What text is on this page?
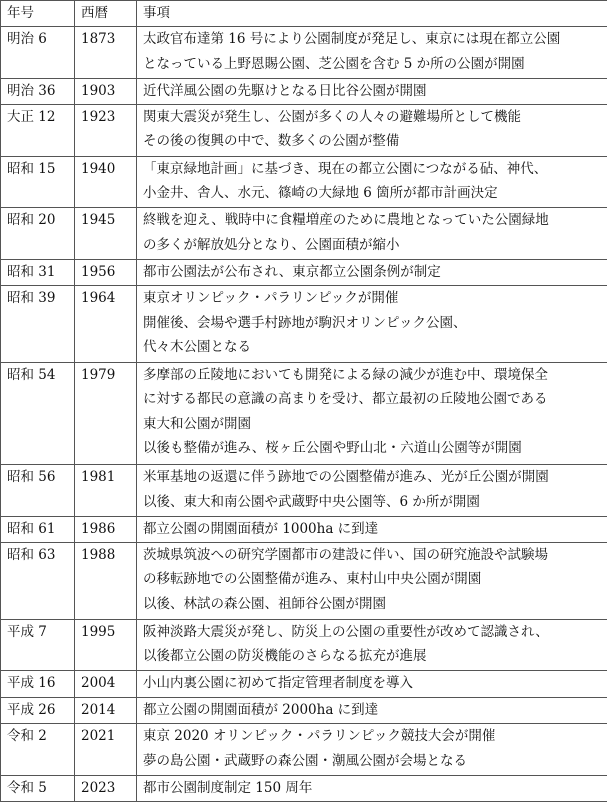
年号	西暦	事項
明治 6	1873	太政官布達第 16 号により公園制度が発足し、東京には現在都立公園
となっている上野恩賜公園、芝公園を含む 5 か所の公園が開園

明治 36	1903	近代洋風公園の先駆けとなる日比谷公園が開園

大正 12	1923	関東大震災が発生し、公園が多くの人々の避難場所として機能
その後の復興の中で、数多くの公園が整備

昭和 15	1940	「東京緑地計画」に基づき、現在の都立公園につながる砧、神代、
小金井、舎人、水元、篠崎の大緑地 6 箇所が都市計画決定

昭和 20	1945	終戦を迎え、戦時中に食糧増産のために農地となっていた公園緑地
の多くが解放処分となり、公園面積が縮小

昭和 31	1956	都市公園法が公布され、東京都立公園条例が制定

昭和 39	1964	東京オリンピック・パラリンピックが開催
開催後、会場や選手村跡地が駒沢オリンピック公園、
代々木公園となる

昭和 54	1979	多摩部の丘陵地においても開発による緑の減少が進む中、環境保全
に対する都民の意識の高まりを受け、都立最初の丘陵地公園である
東大和公園が開園
以後も整備が進み、桜ヶ丘公園や野山北・六道山公園等が開園

昭和 56	1981	米軍基地の返還に伴う跡地での公園整備が進み、光が丘公園が開園
以後、東大和南公園や武蔵野中央公園等、6 か所が開園

昭和 61	1986	都立公園の開園面積が 1000ha に到達

昭和 63	1988	茨城県筑波への研究学園都市の建設に伴い、国の研究施設や試験場
の移転跡地での公園整備が進み、東村山中央公園が開園
以後、林試の森公園、祖師谷公園が開園

平成 7	1995	阪神淡路大震災が発し、防災上の公園の重要性が改めて認識され、
以後都立公園の防災機能のさらなる拡充が進展

平成 16	2004	小山内裏公園に初めて指定管理者制度を導入

平成 26	2014	都立公園の開園面積が 2000ha に到達

令和 2	2021	東京 2020 オリンピック・パラリンピック競技大会が開催
夢の島公園・武蔵野の森公園・潮風公園が会場となる

令和 5	2023	都市公園制度制定 150 周年
